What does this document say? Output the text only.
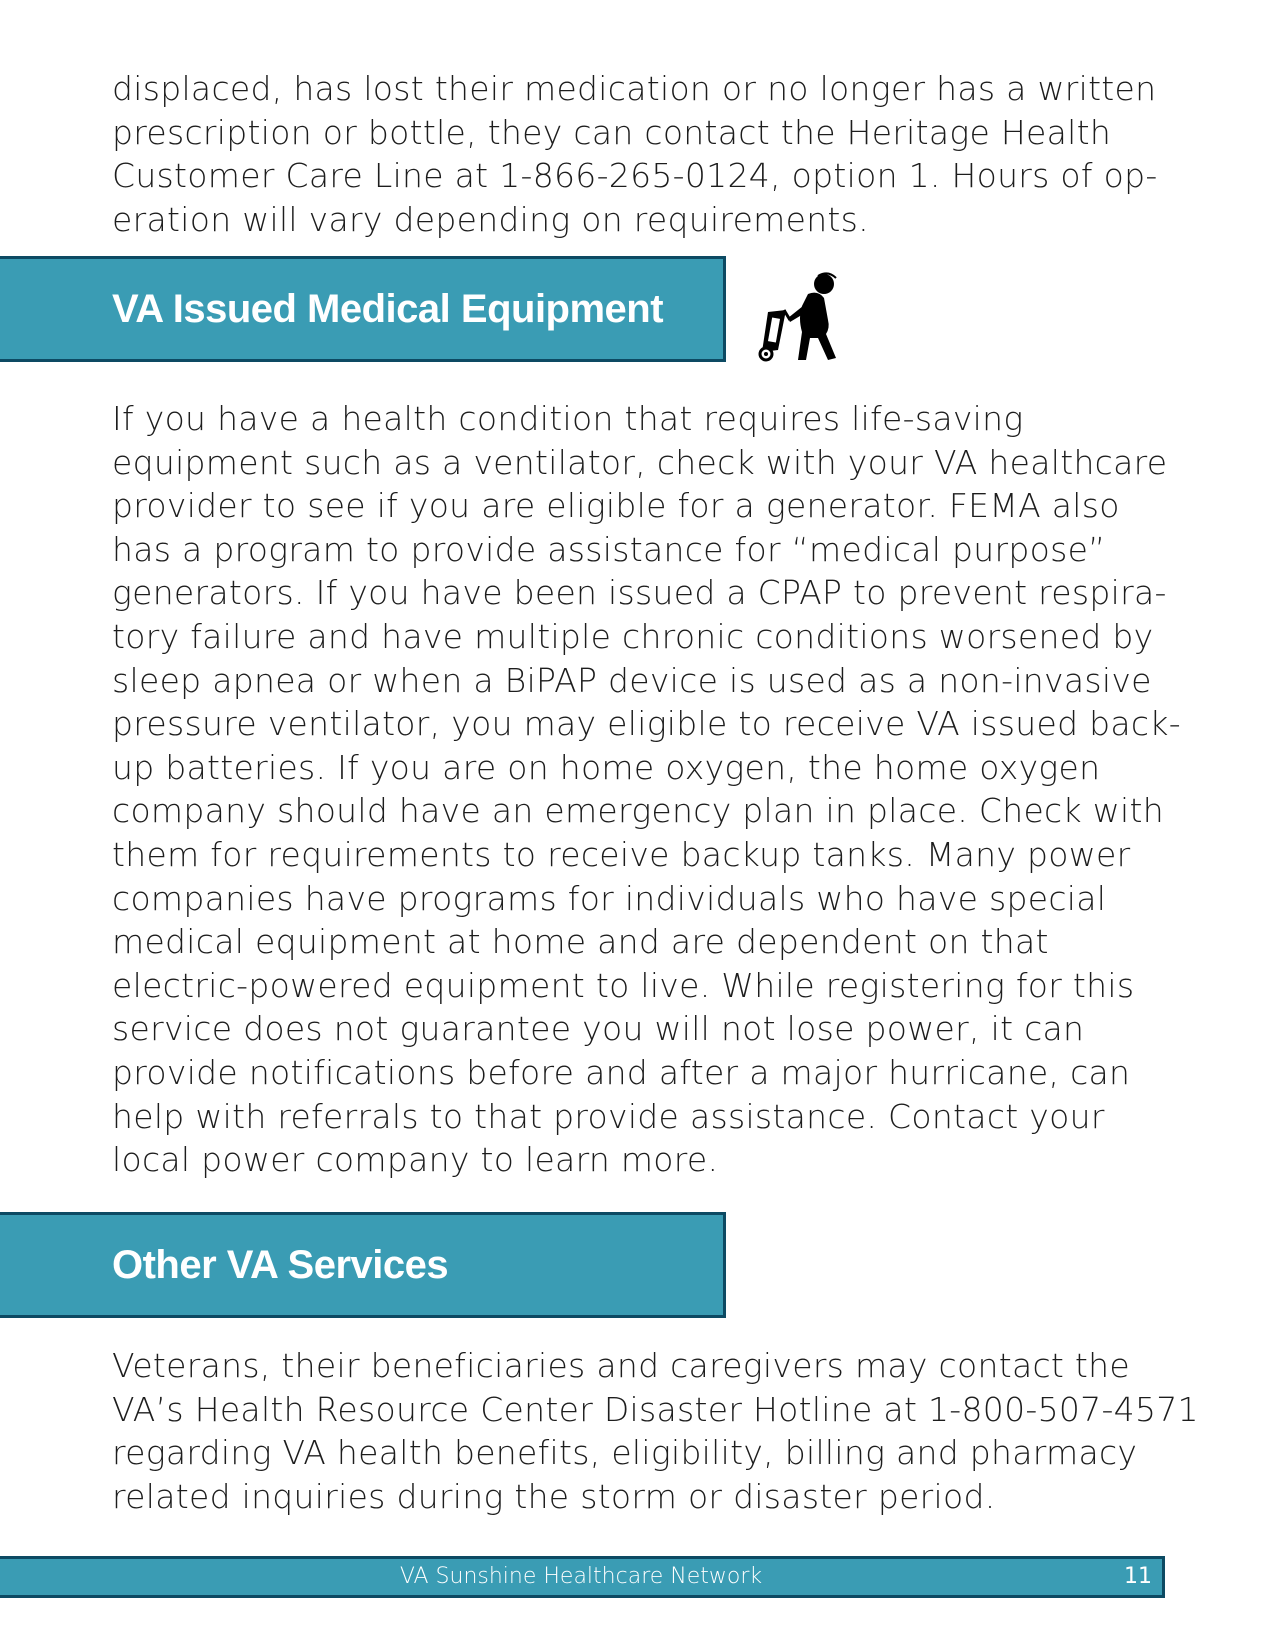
displaced, has lost their medication or no longer has a written
prescription or bottle, they can contact the Heritage Health
Customer Care Line at 1-866-265-0124, option 1. Hours of op-
eration will vary depending on requirements.
VA Issued Medical Equipment
If you have a health condition that requires life-saving
equipment such as a ventilator, check with your VA healthcare
provider to see if you are eligible for a generator. FEMA also
has a program to provide assistance for “medical purpose”
generators. If you have been issued a CPAP to prevent respira-
tory failure and have multiple chronic conditions worsened by
sleep apnea or when a BiPAP device is used as a non-invasive
pressure ventilator, you may eligible to receive VA issued back-
up batteries. If you are on home oxygen, the home oxygen
company should have an emergency plan in place. Check with
them for requirements to receive backup tanks. Many power
companies have programs for individuals who have special
medical equipment at home and are dependent on that
electric-powered equipment to live. While registering for this
service does not guarantee you will not lose power, it can
provide notifications before and after a major hurricane, can
help with referrals to that provide assistance. Contact your
local power company to learn more.
Other VA Services
Veterans, their beneficiaries and caregivers may contact the
VA’s Health Resource Center Disaster Hotline at 1-800-507-4571
regarding VA health benefits, eligibility, billing and pharmacy
related inquiries during the storm or disaster period.
VA Sunshine Healthcare Network	11
